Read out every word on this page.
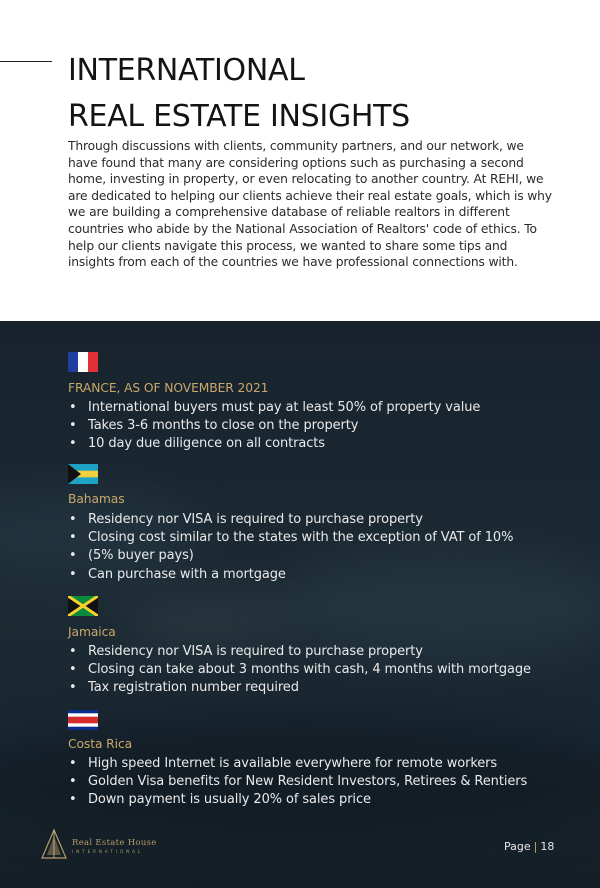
INTERNATIONAL
REAL ESTATE INSIGHTS

Through discussions with clients, community partners, and our network, we have found that many are considering options such as purchasing a second home, investing in property, or even relocating to another country. At REHI, we are dedicated to helping our clients achieve their real estate goals, which is why we are building a comprehensive database of reliable realtors in different countries who abide by the National Association of Realtors' code of ethics. To help our clients navigate this process, we wanted to share some tips and insights from each of the countries we have professional connections with.

FRANCE, AS OF NOVEMBER 2021
• International buyers must pay at least 50% of property value
• Takes 3-6 months to close on the property
• 10 day due diligence on all contracts
Bahamas
• Residency nor VISA is required to purchase property
• Closing cost similar to the states with the exception of VAT of 10%
• (5% buyer pays)
• Can purchase with a mortgage
Jamaica
• Residency nor VISA is required to purchase property
• Closing can take about 3 months with cash, 4 months with mortgage
• Tax registration number required
Costa Rica
• High speed Internet is available everywhere for remote workers
• Golden Visa benefits for New Resident Investors, Retirees & Rentiers
• Down payment is usually 20% of sales price
Real Estate House
INTERNATIONAL	Page | 18
